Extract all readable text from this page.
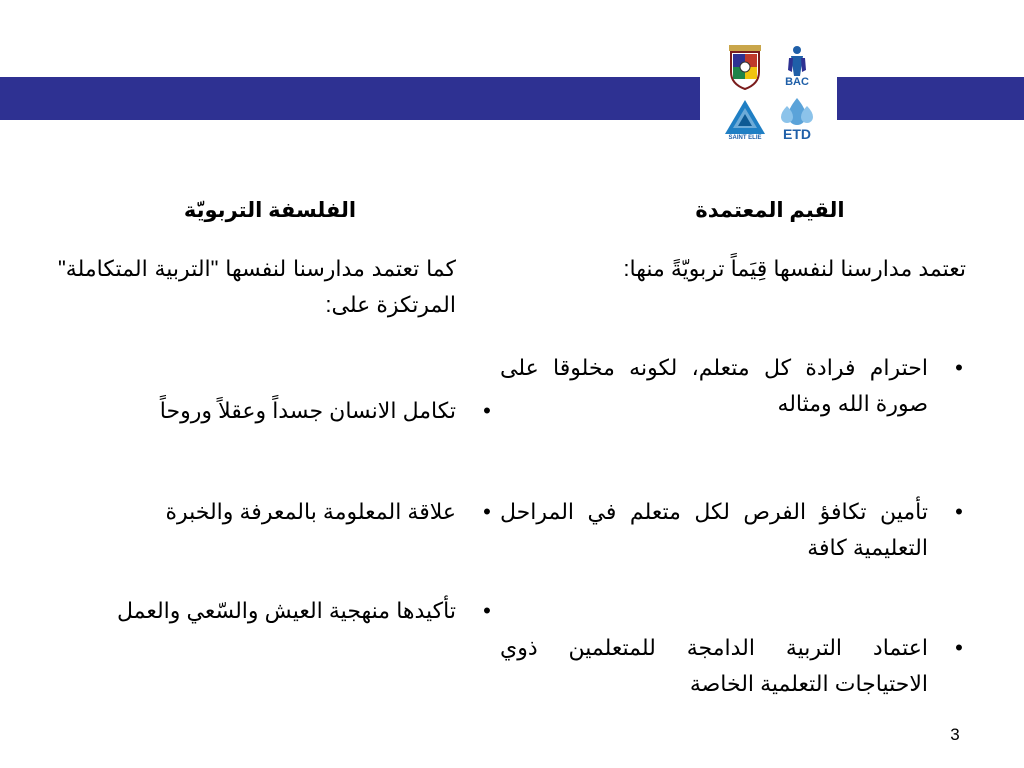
BAC
SAINT ELIE	ETD
القيم المعتمدة
الفلسفة التربويّة
تعتمد مدارسنا لنفسها قِيَماً تربويّةً منها:
كما تعتمد مدارسنا لنفسها "التربية المتكاملة" المرتكزة على:
•
احترام فرادة كل متعلم، لكونه مخلوقا على صورة الله ومثاله
•
تأمين تكافؤ الفرص لكل متعلم في المراحل التعليمية كافة
•
اعتماد التربية الدامجة للمتعلمين ذوي الاحتياجات التعلمية الخاصة
•
تكامل الانسان جسداً وعقلاً وروحاً
•
علاقة المعلومة بالمعرفة والخبرة
•
تأكيدها منهجية العيش والسّعي والعمل
3
